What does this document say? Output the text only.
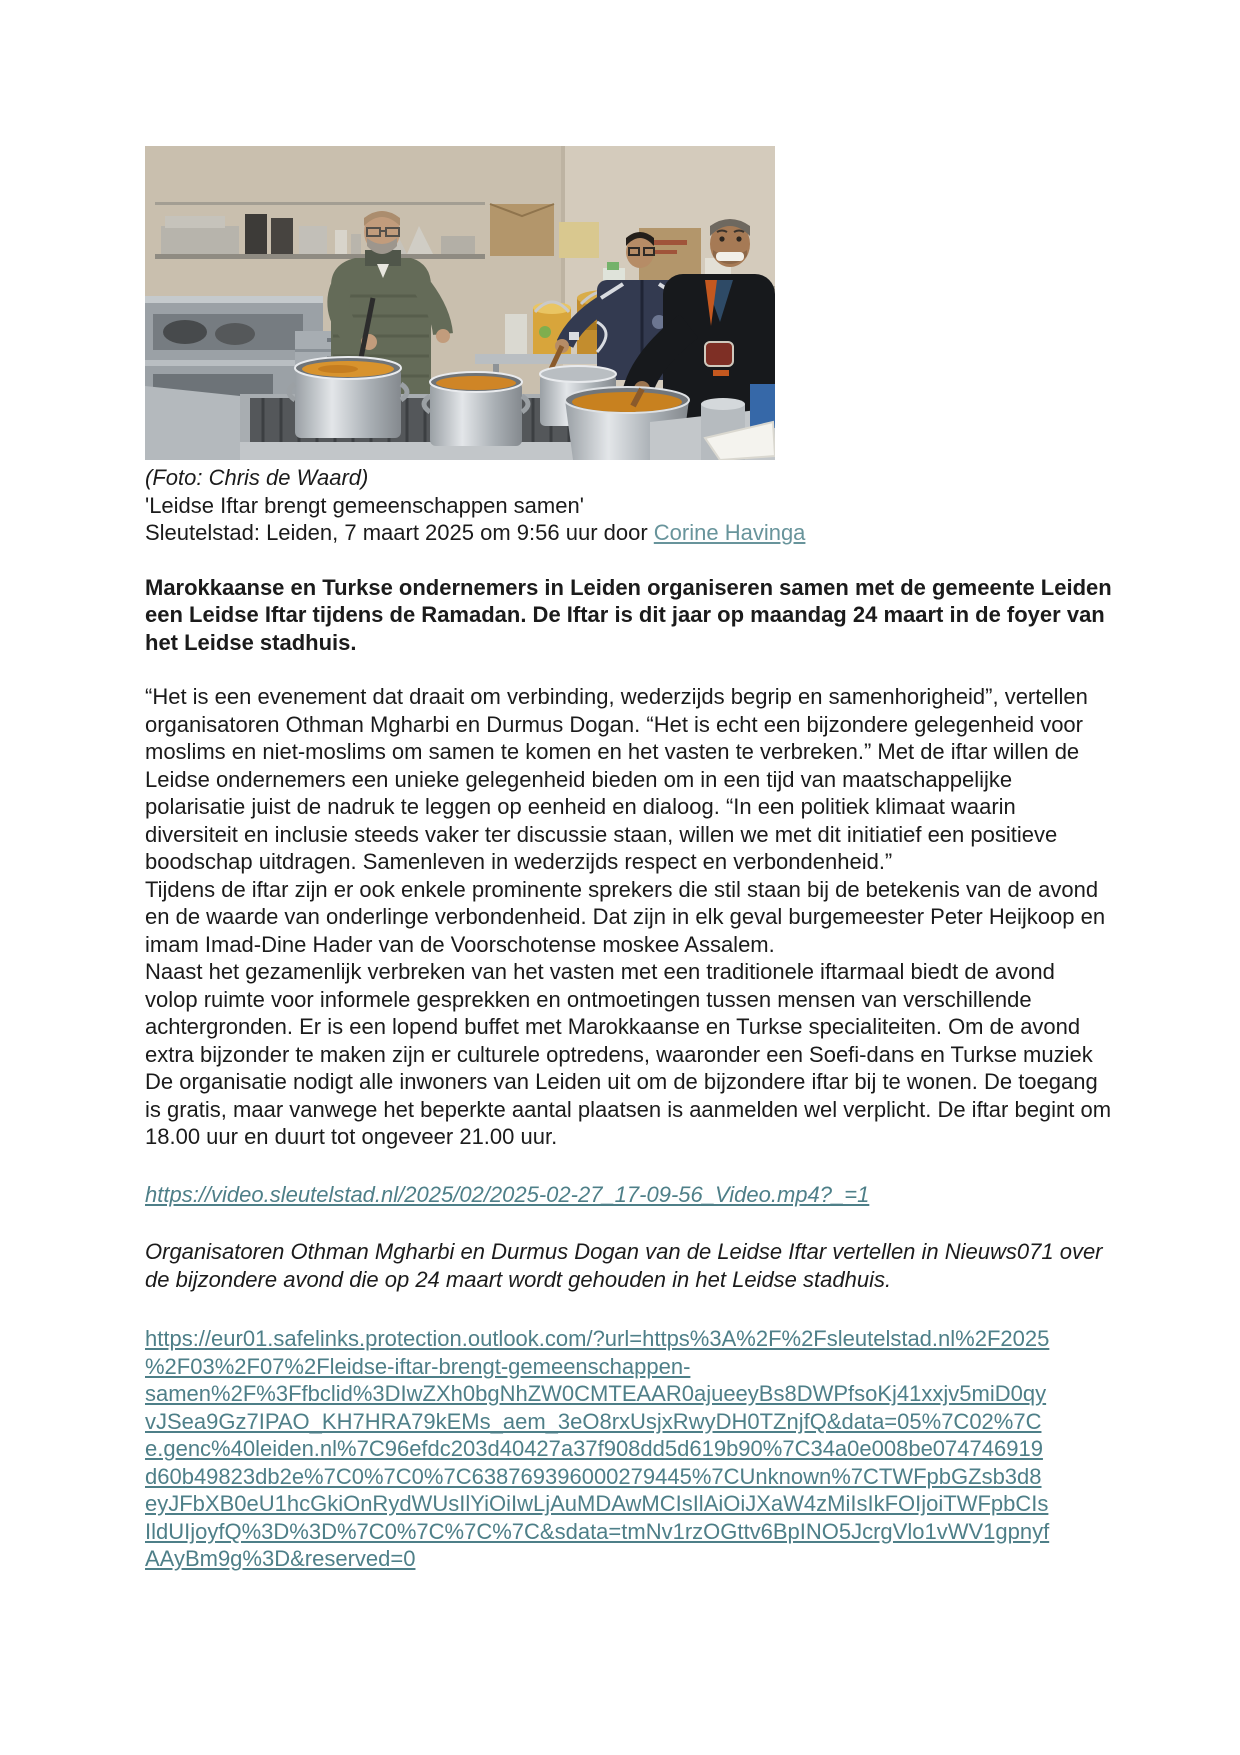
(Foto: Chris de Waard)
'Leidse Iftar brengt gemeenschappen samen'
Sleutelstad: Leiden, 7 maart 2025 om 9:56 uur door Corine Havinga

Marokkaanse en Turkse ondernemers in Leiden organiseren samen met de gemeente Leiden een Leidse Iftar tijdens de Ramadan. De Iftar is dit jaar op maandag 24 maart in de foyer van het Leidse stadhuis.

“Het is een evenement dat draait om verbinding, wederzijds begrip en samenhorigheid”, vertellen organisatoren Othman Mgharbi en Durmus Dogan. “Het is echt een bijzondere gelegenheid voor moslims en niet-moslims om samen te komen en het vasten te verbreken.” Met de iftar willen de Leidse ondernemers een unieke gelegenheid bieden om in een tijd van maatschappelijke polarisatie juist de nadruk te leggen op eenheid en dialoog. “In een politiek klimaat waarin diversiteit en inclusie steeds vaker ter discussie staan, willen we met dit initiatief een positieve boodschap uitdragen. Samenleven in wederzijds respect en verbondenheid.”
Tijdens de iftar zijn er ook enkele prominente sprekers die stil staan bij de betekenis van de avond en de waarde van onderlinge verbondenheid. Dat zijn in elk geval burgemeester Peter Heijkoop en imam Imad-Dine Hader van de Voorschotense moskee Assalem.
Naast het gezamenlijk verbreken van het vasten met een traditionele iftarmaal biedt de avond volop ruimte voor informele gesprekken en ontmoetingen tussen mensen van verschillende achtergronden. Er is een lopend buffet met Marokkaanse en Turkse specialiteiten. Om de avond extra bijzonder te maken zijn er culturele optredens, waaronder een Soefi-dans en Turkse muziek
De organisatie nodigt alle inwoners van Leiden uit om de bijzondere iftar bij te wonen. De toegang is gratis, maar vanwege het beperkte aantal plaatsen is aanmelden wel verplicht. De iftar begint om 18.00 uur en duurt tot ongeveer 21.00 uur.
https://video.sleutelstad.nl/2025/02/2025-02-27_17-09-56_Video.mp4?_=1

Organisatoren Othman Mgharbi en Durmus Dogan van de Leidse Iftar vertellen in Nieuws071 over de bijzondere avond die op 24 maart wordt gehouden in het Leidse stadhuis.

https://eur01.safelinks.protection.outlook.com/?url=https%3A%2F%2Fsleutelstad.nl%2F2025
%2F03%2F07%2Fleidse-iftar-brengt-gemeenschappen-
samen%2F%3Ffbclid%3DIwZXh0bgNhZW0CMTEAAR0ajueeyBs8DWPfsoKj41xxjv5miD0qy
vJSea9Gz7IPAO_KH7HRA79kEMs_aem_3eO8rxUsjxRwyDH0TZnjfQ&data=05%7C02%7C
e.genc%40leiden.nl%7C96efdc203d40427a37f908dd5d619b90%7C34a0e008be074746919
d60b49823db2e%7C0%7C0%7C638769396000279445%7CUnknown%7CTWFpbGZsb3d8
eyJFbXB0eU1hcGkiOnRydWUsIlYiOiIwLjAuMDAwMCIsIlAiOiJXaW4zMiIsIkFOIjoiTWFpbCIs
IldUIjoyfQ%3D%3D%7C0%7C%7C%7C&sdata=tmNv1rzOGttv6BpINO5JcrgVlo1vWV1gpnyf
AAyBm9g%3D&reserved=0
